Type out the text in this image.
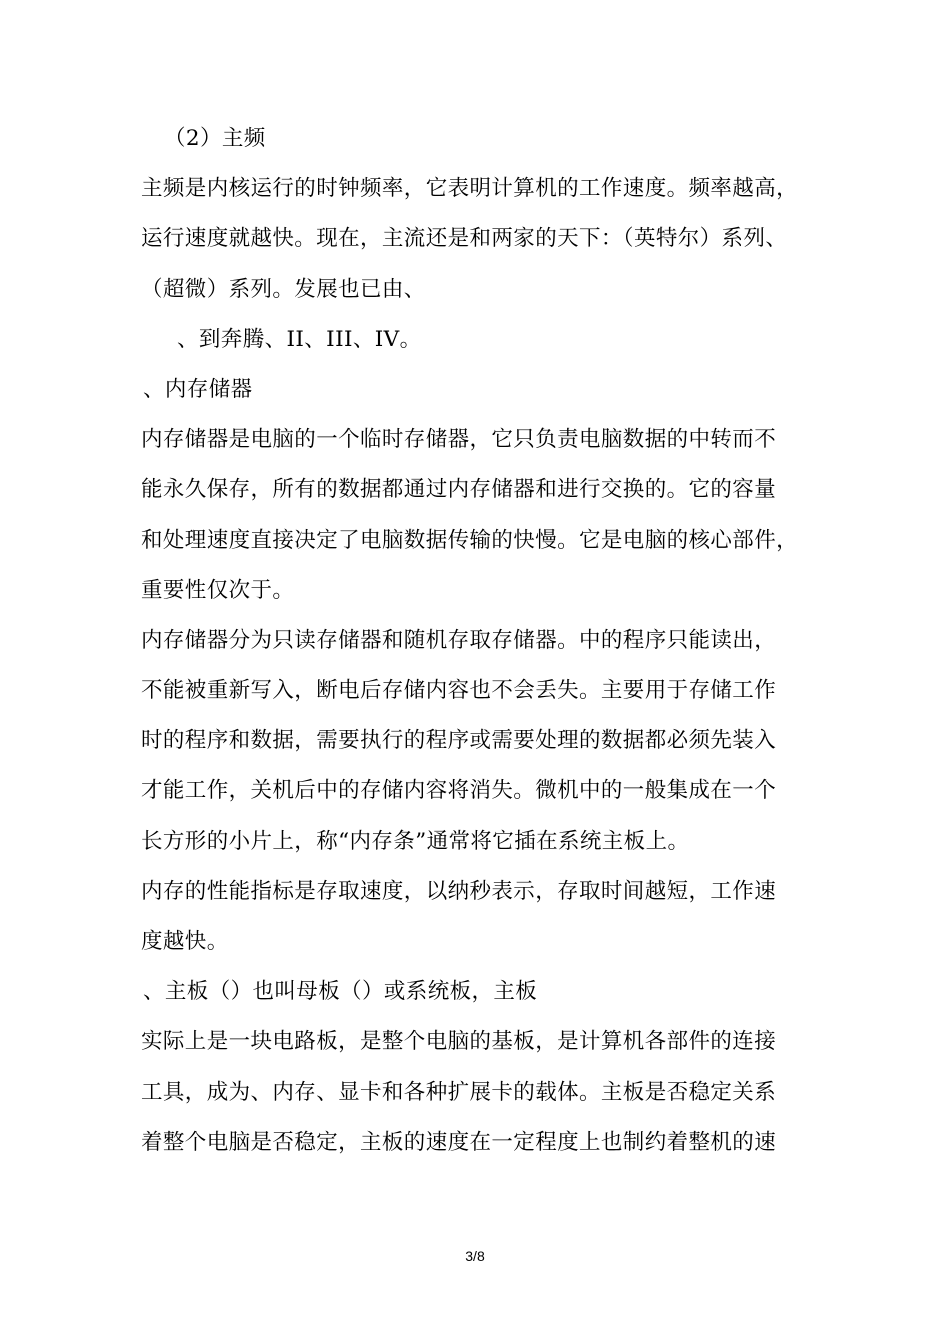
（2）主频
主频是内核运行的时钟频率，它表明计算机的工作速度。频率越高，
运行速度就越快。现在，主流还是和两家的天下：（英特尔）系列、
（超微）系列。发展也已由、
、到奔腾、II、III、IV。
、内存储器
内存储器是电脑的一个临时存储器，它只负责电脑数据的中转而不
能永久保存，所有的数据都通过内存储器和进行交换的。它的容量
和处理速度直接决定了电脑数据传输的快慢。它是电脑的核心部件，
重要性仅次于。
内存储器分为只读存储器和随机存取存储器。中的程序只能读出，
不能被重新写入，断电后存储内容也不会丢失。主要用于存储工作
时的程序和数据，需要执行的程序或需要处理的数据都必须先装入
才能工作，关机后中的存储内容将消失。微机中的一般集成在一个
长方形的小片上，称“内存条”通常将它插在系统主板上。
内存的性能指标是存取速度，以纳秒表示，存取时间越短，工作速
度越快。
、主板（）也叫母板（）或系统板，主板
实际上是一块电路板，是整个电脑的基板，是计算机各部件的连接
工具，成为、内存、显卡和各种扩展卡的载体。主板是否稳定关系
着整个电脑是否稳定，主板的速度在一定程度上也制约着整机的速
3/8
